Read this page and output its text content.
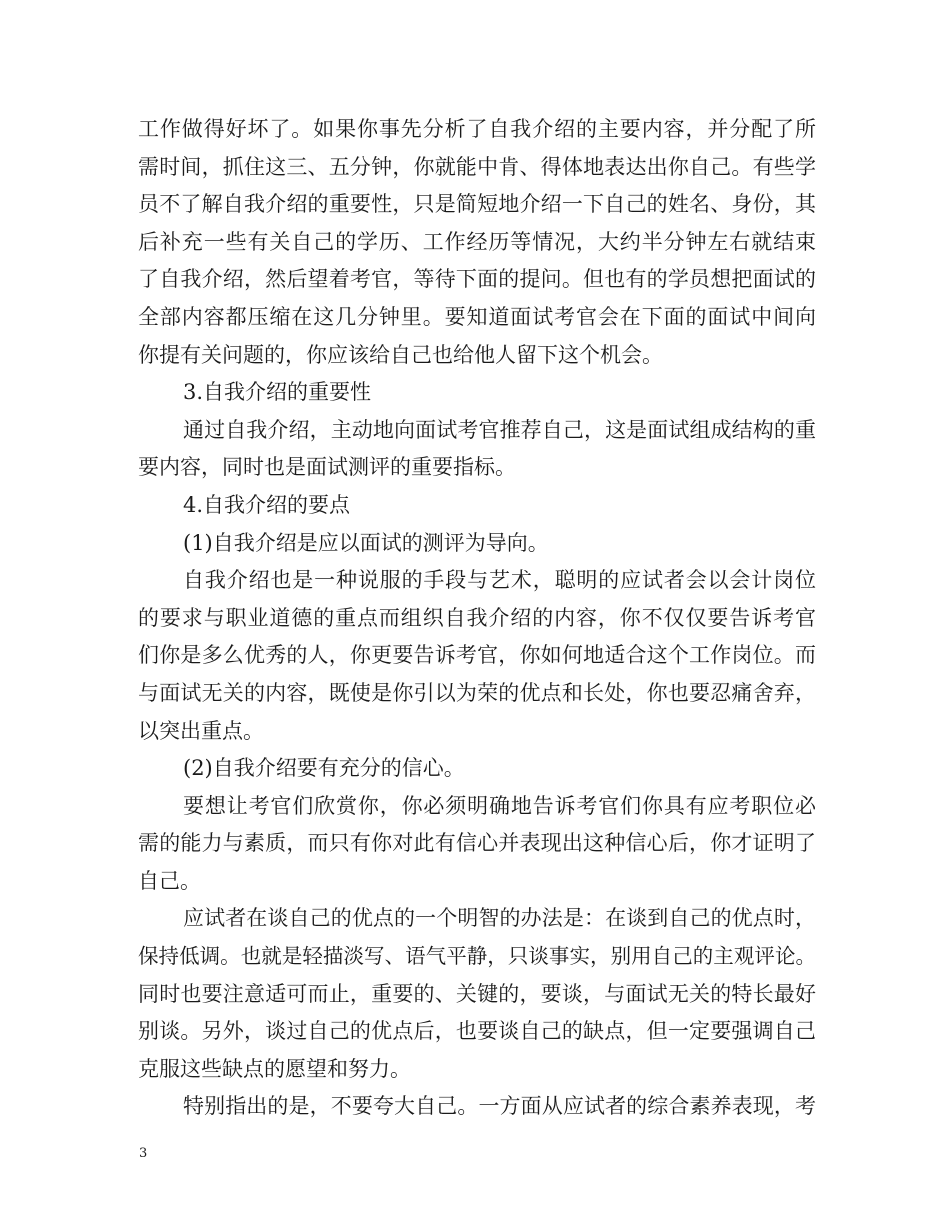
工作做得好坏了。如果你事先分析了自我介绍的主要内容，并分配了所
需时间，抓住这三、五分钟，你就能中肯、得体地表达出你自己。有些学
员不了解自我介绍的重要性，只是简短地介绍一下自己的姓名、身份，其
后补充一些有关自己的学历、工作经历等情况，大约半分钟左右就结束
了自我介绍，然后望着考官，等待下面的提问。但也有的学员想把面试的
全部内容都压缩在这几分钟里。要知道面试考官会在下面的面试中间向
你提有关问题的，你应该给自己也给他人留下这个机会。
3.自我介绍的重要性
通过自我介绍，主动地向面试考官推荐自己，这是面试组成结构的重
要内容，同时也是面试测评的重要指标。
4.自我介绍的要点
(1)自我介绍是应以面试的测评为导向。
自我介绍也是一种说服的手段与艺术，聪明的应试者会以会计岗位
的要求与职业道德的重点而组织自我介绍的内容，你不仅仅要告诉考官
们你是多么优秀的人，你更要告诉考官，你如何地适合这个工作岗位。而
与面试无关的内容，既使是你引以为荣的优点和长处，你也要忍痛舍弃，
以突出重点。
(2)自我介绍要有充分的信心。
要想让考官们欣赏你，你必须明确地告诉考官们你具有应考职位必
需的能力与素质，而只有你对此有信心并表现出这种信心后，你才证明了
自己。
应试者在谈自己的优点的一个明智的办法是：在谈到自己的优点时，
保持低调。也就是轻描淡写、语气平静，只谈事实，别用自己的主观评论。
同时也要注意适可而止，重要的、关键的，要谈，与面试无关的特长最好
别谈。另外，谈过自己的优点后，也要谈自己的缺点，但一定要强调自己
克服这些缺点的愿望和努力。
特别指出的是，不要夸大自己。一方面从应试者的综合素养表现，考
3
